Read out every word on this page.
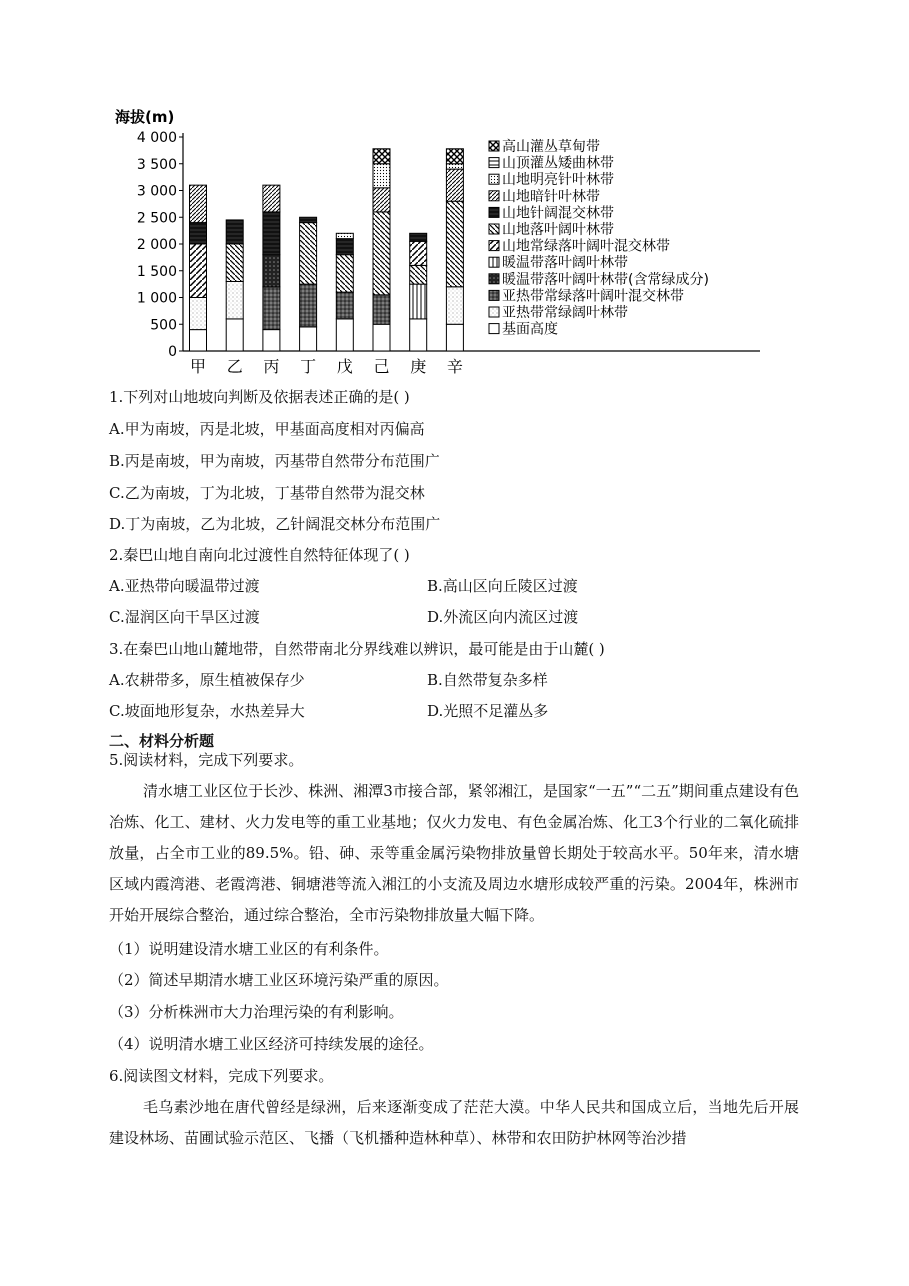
海拔(m)
4 000
3 500
3 000
2 500
2 000
1 500
1 000
500
0
甲 乙 丙 丁 戊 己 庚 辛
高山灌丛草甸带
山顶灌丛矮曲林带
山地明亮针叶林带
山地暗针叶林带
山地针阔混交林带
山地落叶阔叶林带
山地常绿落叶阔叶混交林带
暖温带落叶阔叶林带
暖温带落叶阔叶林带(含常绿成分)
亚热带常绿落叶阔叶混交林带
亚热带常绿阔叶林带
基面高度
1.下列对山地坡向判断及依据表述正确的是( )
A.甲为南坡，丙是北坡，甲基面高度相对丙偏高
B.丙是南坡，甲为南坡，丙基带自然带分布范围广
C.乙为南坡，丁为北坡，丁基带自然带为混交林
D.丁为南坡，乙为北坡，乙针阔混交林分布范围广
2.秦巴山地自南向北过渡性自然特征体现了( )
A.亚热带向暖温带过渡	B.高山区向丘陵区过渡
C.湿润区向干旱区过渡	D.外流区向内流区过渡
3.在秦巴山地山麓地带，自然带南北分界线难以辨识，最可能是由于山麓( )
A.农耕带多，原生植被保存少	B.自然带复杂多样
C.坡面地形复杂，水热差异大	D.光照不足灌丛多
二、材料分析题
5.阅读材料，完成下列要求。
清水塘工业区位于长沙、株洲、湘潭3市接合部，紧邻湘江，是国家“一五”“二五”期间重点建设有色冶炼、化工、建材、火力发电等的重工业基地；仅火力发电、有色金属冶炼、化工3个行业的二氧化硫排放量，占全市工业的89.5%。铅、砷、汞等重金属污染物排放量曾长期处于较高水平。50年来，清水塘区域内霞湾港、老霞湾港、铜塘港等流入湘江的小支流及周边水塘形成较严重的污染。2004年，株洲市开始开展综合整治，通过综合整治，全市污染物排放量大幅下降。
（1）说明建设清水塘工业区的有利条件。
（2）简述早期清水塘工业区环境污染严重的原因。
（3）分析株洲市大力治理污染的有利影响。
（4）说明清水塘工业区经济可持续发展的途径。
6.阅读图文材料，完成下列要求。
毛乌素沙地在唐代曾经是绿洲，后来逐渐变成了茫茫大漠。中华人民共和国成立后，当地先后开展建设林场、苗圃试验示范区、飞播（飞机播种造林种草）、林带和农田防护林网等治沙措
